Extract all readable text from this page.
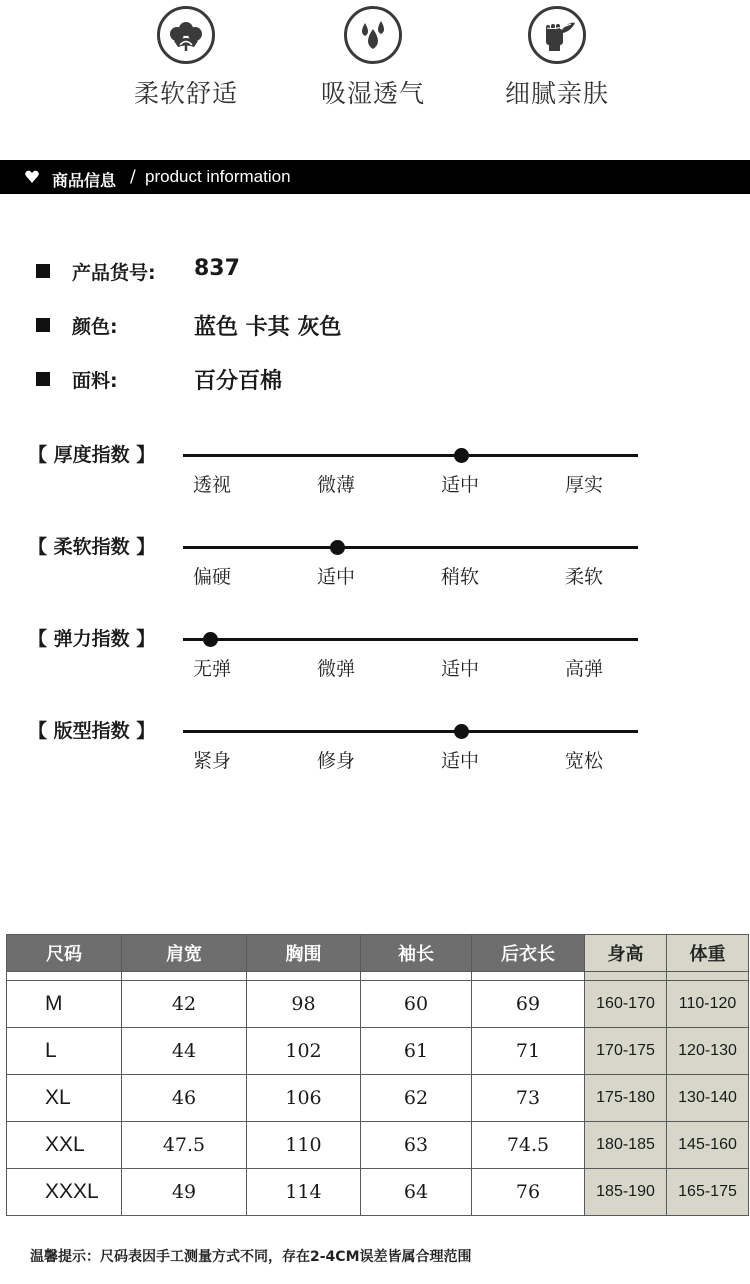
柔软舒适	吸湿透气	细腻亲肤
商品信息 / product information
产品货号: 837
颜色:	蓝色 卡其 灰色
面料:	百分百棉
【 厚度指数 】
透视	微薄	适中	厚实
【 柔软指数 】
偏硬	适中	稍软	柔软
【 弹力指数 】
无弹	微弹	适中	高弹
【 版型指数 】
紧身	修身	适中	宽松
尺码	肩宽	胸围	袖长	后衣长	身高	体重

M	42	98	60	69	160-170	110-120
L	44	102	61	71	170-175	120-130
XL	46	106	62	73	175-180	130-140
XXL	47.5	110	63	74.5	180-185	145-160
XXXL	49	114	64	76	185-190	165-175
温馨提示：尺码表因手工测量方式不同，存在2-4CM误差皆属合理范围
